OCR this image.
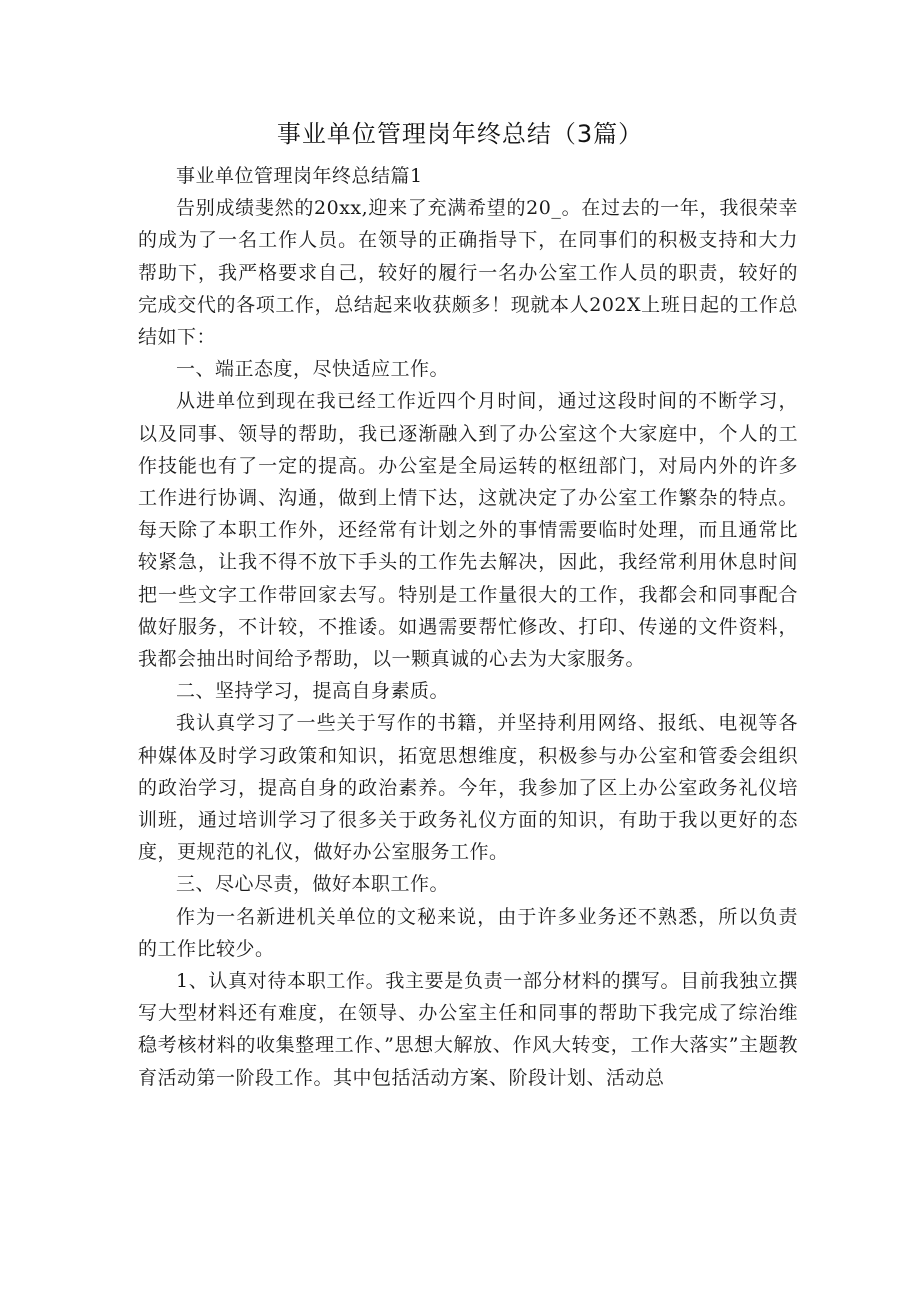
事业单位管理岗年终总结（3篇）

事业单位管理岗年终总结篇1

告别成绩斐然的20xx,迎来了充满希望的20_。在过去的一年，我很荣幸的成为了一名工作人员。在领导的正确指导下，在同事们的积极支持和大力帮助下，我严格要求自己，较好的履行一名办公室工作人员的职责，较好的完成交代的各项工作，总结起来收获颇多！现就本人202X上班日起的工作总结如下：

一、端正态度，尽快适应工作。

从进单位到现在我已经工作近四个月时间，通过这段时间的不断学习，以及同事、领导的帮助，我已逐渐融入到了办公室这个大家庭中，个人的工作技能也有了一定的提高。办公室是全局运转的枢纽部门，对局内外的许多工作进行协调、沟通，做到上情下达，这就决定了办公室工作繁杂的特点。每天除了本职工作外，还经常有计划之外的事情需要临时处理，而且通常比较紧急，让我不得不放下手头的工作先去解决，因此，我经常利用休息时间把一些文字工作带回家去写。特别是工作量很大的工作，我都会和同事配合做好服务，不计较，不推诿。如遇需要帮忙修改、打印、传递的文件资料，我都会抽出时间给予帮助，以一颗真诚的心去为大家服务。

二、坚持学习，提高自身素质。

我认真学习了一些关于写作的书籍，并坚持利用网络、报纸、电视等各种媒体及时学习政策和知识，拓宽思想维度，积极参与办公室和管委会组织的政治学习，提高自身的政治素养。今年，我参加了区上办公室政务礼仪培训班，通过培训学习了很多关于政务礼仪方面的知识，有助于我以更好的态度，更规范的礼仪，做好办公室服务工作。

三、尽心尽责，做好本职工作。

作为一名新进机关单位的文秘来说，由于许多业务还不熟悉，所以负责的工作比较少。

1、认真对待本职工作。我主要是负责一部分材料的撰写。目前我独立撰写大型材料还有难度，在领导、办公室主任和同事的帮助下我完成了综治维稳考核材料的收集整理工作、”思想大解放、作风大转变，工作大落实”主题教育活动第一阶段工作。其中包括活动方案、阶段计划、活动总
